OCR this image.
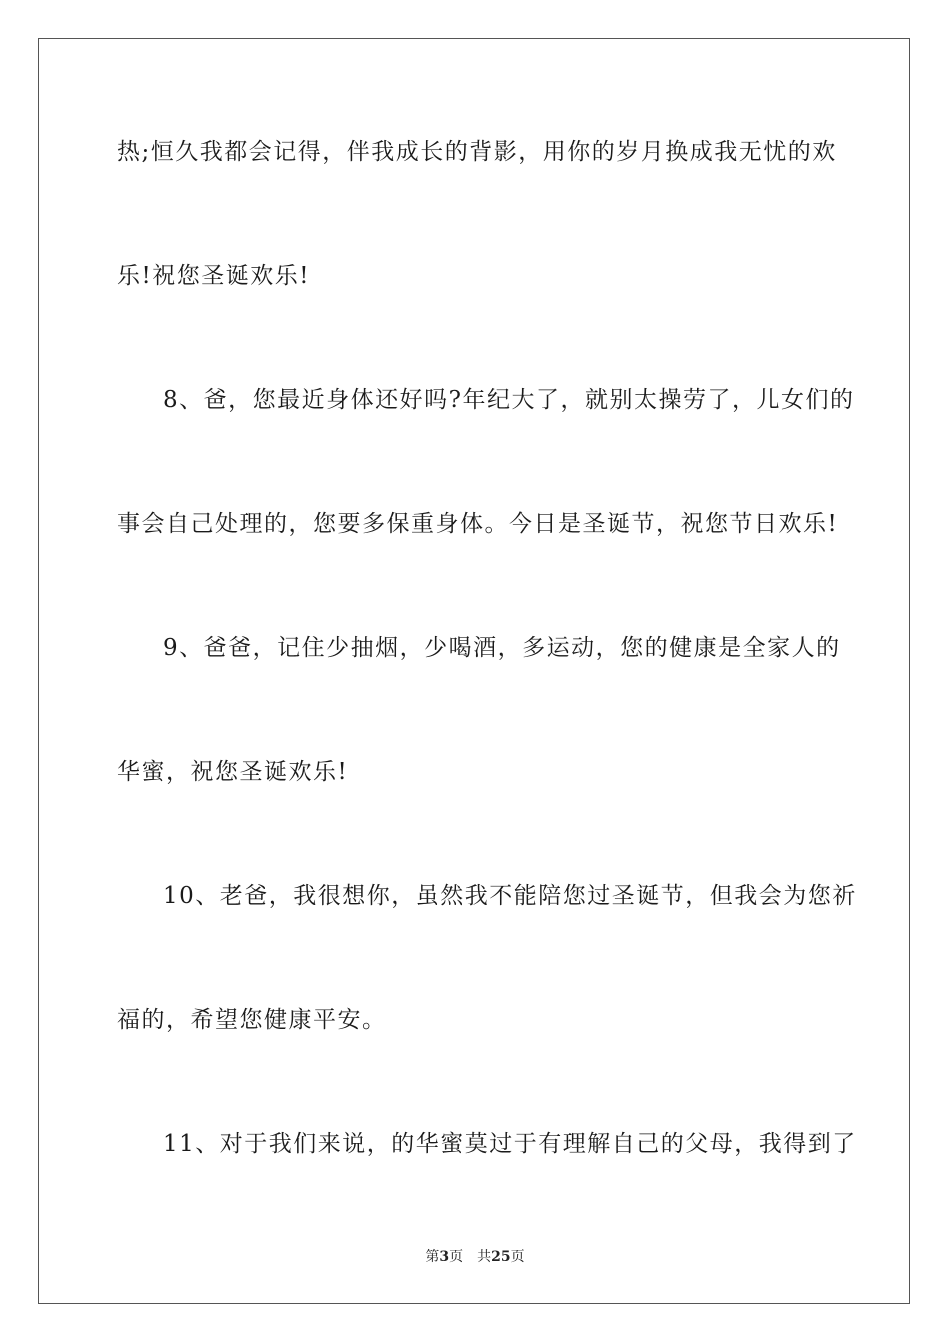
热;恒久我都会记得，伴我成长的背影，用你的岁月换成我无忧的欢
乐!祝您圣诞欢乐!
8、爸，您最近身体还好吗?年纪大了，就别太操劳了，儿女们的
事会自己处理的，您要多保重身体。今日是圣诞节，祝您节日欢乐!
9、爸爸，记住少抽烟，少喝酒，多运动，您的健康是全家人的
华蜜，祝您圣诞欢乐!
10、老爸，我很想你，虽然我不能陪您过圣诞节，但我会为您祈
福的，希望您健康平安。
11、对于我们来说，的华蜜莫过于有理解自己的父母，我得到了
第3页 共25页
